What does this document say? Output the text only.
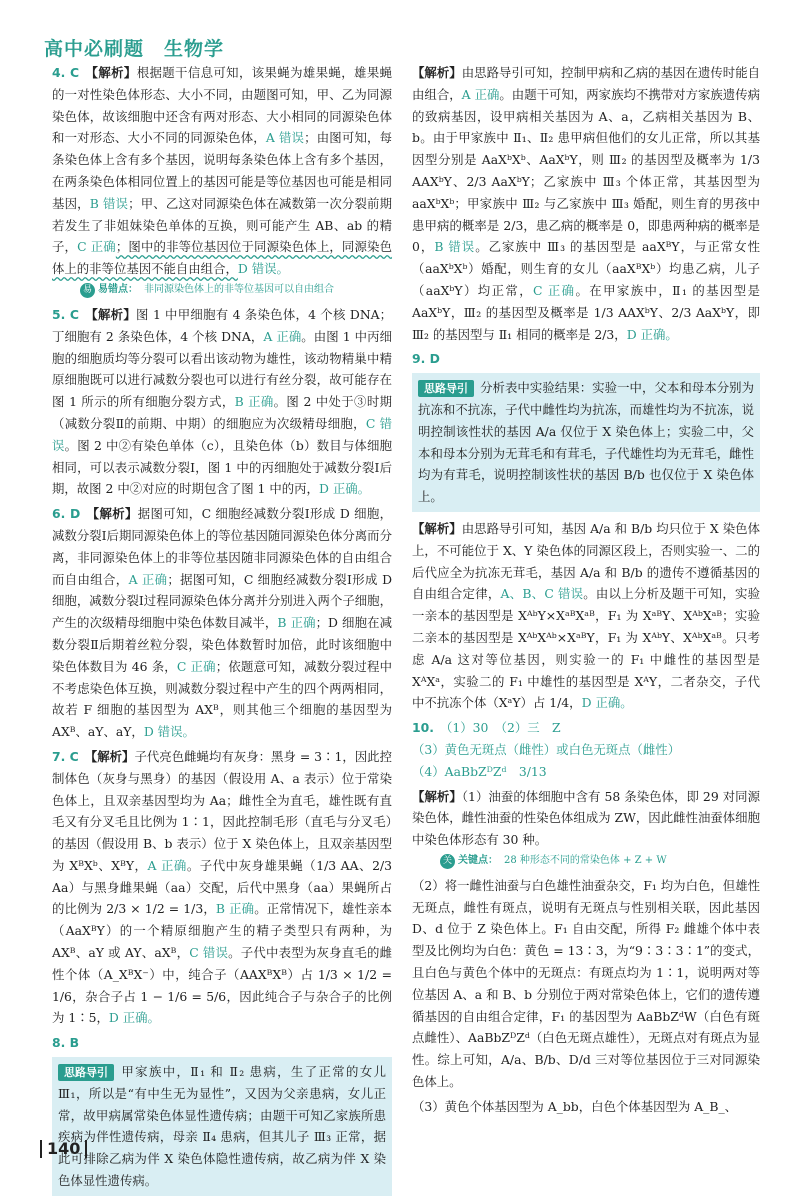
高中必刷题　生物学

4. C 【解析】根据题干信息可知，该果蝇为雄果蝇，雄果蝇的一对性染色体形态、大小不同，由题图可知，甲、乙为同源染色体，故该细胞中还含有两对形态、大小相同的同源染色体和一对形态、大小不同的同源染色体，A 错误；由图可知，每条染色体上含有多个基因，说明每条染色体上含有多个基因，在两条染色体相同位置上的基因可能是等位基因也可能是相同基因，B 错误；甲、乙这对同源染色体在减数第一次分裂前期若发生了非姐妹染色单体的互换，则可能产生 AB、ab 的精子，C 正确；图中的非等位基因位于同源染色体上，同源染色体上的非等位基因不能自由组合，D 错误。

易 易错点： 非同源染色体上的非等位基因可以自由组合

5. C 【解析】图 1 中甲细胞有 4 条染色体，4 个核 DNA；丁细胞有 2 条染色体，4 个核 DNA，A 正确。由图 1 中丙细胞的细胞质均等分裂可以看出该动物为雄性，该动物精巢中精原细胞既可以进行减数分裂也可以进行有丝分裂，故可能存在图 1 所示的所有细胞分裂方式，B 正确。图 2 中处于③时期（减数分裂Ⅱ的前期、中期）的细胞应为次级精母细胞，C 错误。图 2 中②有染色单体（c），且染色体（b）数目与体细胞相同，可以表示减数分裂Ⅰ，图 1 中的丙细胞处于减数分裂Ⅰ后期，故图 2 中②对应的时期包含了图 1 中的丙，D 正确。

6. D 【解析】据图可知，C 细胞经减数分裂Ⅰ形成 D 细胞，减数分裂Ⅰ后期同源染色体上的等位基因随同源染色体分离而分离，非同源染色体上的非等位基因随非同源染色体的自由组合而自由组合，A 正确；据图可知，C 细胞经减数分裂Ⅰ形成 D 细胞，减数分裂Ⅰ过程同源染色体分离并分别进入两个子细胞，产生的次级精母细胞中染色体数目减半，B 正确；D 细胞在减数分裂Ⅱ后期着丝粒分裂，染色体数暂时加倍，此时该细胞中染色体数目为 46 条，C 正确；依题意可知，减数分裂过程中不考虑染色体互换，则减数分裂过程中产生的四个两两相同，故若 F 细胞的基因型为 AXᴮ，则其他三个细胞的基因型为 AXᴮ、aY、aY，D 错误。

7. C 【解析】子代亮色雌蝇均有灰身：黑身 = 3∶1，因此控制体色（灰身与黑身）的基因（假设用 A、a 表示）位于常染色体上，且双亲基因型均为 Aa；雌性全为直毛，雄性既有直毛又有分叉毛且比例为 1∶1，因此控制毛形（直毛与分叉毛）的基因（假设用 B、b 表示）位于 X 染色体上，且双亲基因型为 XᴮXᵇ、XᴮY，A 正确。子代中灰身雄果蝇（1/3 AA、2/3 Aa）与黑身雌果蝇（aa）交配，后代中黑身（aa）果蝇所占的比例为 2/3 × 1/2 = 1/3，B 正确。正常情况下，雄性亲本（AaXᴮY）的一个精原细胞产生的精子类型只有两种，为 AXᴮ、aY 或 AY、aXᴮ，C 错误。子代中表型为灰身直毛的雌性个体（A_XᴮX⁻）中，纯合子（AAXᴮXᴮ）占 1/3 × 1/2 = 1/6，杂合子占 1 − 1/6 = 5/6，因此纯合子与杂合子的比例为 1∶5，D 正确。

8. B

思路导引 甲家族中，Ⅱ₁ 和 Ⅱ₂ 患病，生了正常的女儿 Ⅲ₁，所以是“有中生无为显性”，又因为父亲患病，女儿正常，故甲病属常染色体显性遗传病；由题干可知乙家族所患疾病为伴性遗传病，母亲 Ⅱ₄ 患病，但其儿子 Ⅲ₃ 正常，据此可排除乙病为伴 X 染色体隐性遗传病，故乙病为伴 X 染色体显性遗传病。

【解析】由思路导引可知，控制甲病和乙病的基因在遗传时能自由组合，A 正确。由题干可知，两家族均不携带对方家族遗传病的致病基因，设甲病相关基因为 A、a，乙病相关基因为 B、b。由于甲家族中 Ⅱ₁、Ⅱ₂ 患甲病但他们的女儿正常，所以其基因型分别是 AaXᵇXᵇ、AaXᵇY，则 Ⅲ₂ 的基因型及概率为 1/3 AAXᵇY、2/3 AaXᵇY；乙家族中 Ⅲ₃ 个体正常，其基因型为 aaXᵇXᵇ；甲家族中 Ⅲ₂ 与乙家族中 Ⅲ₃ 婚配，则生育的男孩中患甲病的概率是 2/3，患乙病的概率是 0，即患两种病的概率是 0，B 错误。乙家族中 Ⅲ₃ 的基因型是 aaXᴮY，与正常女性（aaXᵇXᵇ）婚配，则生育的女儿（aaXᴮXᵇ）均患乙病，儿子（aaXᵇY）均正常，C 正确。在甲家族中，Ⅱ₁ 的基因型是 AaXᵇY，Ⅲ₂ 的基因型及概率是 1/3 AAXᵇY、2/3 AaXᵇY，即 Ⅲ₂ 的基因型与 Ⅱ₁ 相同的概率是 2/3，D 正确。

9. D

思路导引 分析表中实验结果：实验一中，父本和母本分别为抗冻和不抗冻，子代中雌性均为抗冻，而雄性均为不抗冻，说明控制该性状的基因 A/a 仅位于 X 染色体上；实验二中，父本和母本分别为无茸毛和有茸毛，子代雄性均为无茸毛，雌性均为有茸毛，说明控制该性状的基因 B/b 也仅位于 X 染色体上。

【解析】由思路导引可知，基因 A/a 和 B/b 均只位于 X 染色体上，不可能位于 X、Y 染色体的同源区段上，否则实验一、二的后代应全为抗冻无茸毛，基因 A/a 和 B/b 的遗传不遵循基因的自由组合定律，A、B、C 错误。由以上分析及题干可知，实验一亲本的基因型是 XᴬᵇY×XᵃᴮXᵃᴮ，F₁ 为 XᵃᴮY、XᴬᵇXᵃᴮ；实验二亲本的基因型是 XᴬᵇXᴬᵇ×XᵃᴮY，F₁ 为 XᴬᵇY、XᴬᵇXᵃᴮ。只考虑 A/a 这对等位基因，则实验一的 F₁ 中雌性的基因型是 XᴬXᵃ，实验二的 F₁ 中雄性的基因型是 XᴬY，二者杂交，子代中不抗冻个体（XᵃY）占 1/4，D 正确。

10. （1）30　（2）三　Z
（3）黄色无斑点（雌性）或白色无斑点（雌性）
（4）AaBbZᴰZᵈ　3/13

【解析】（1）油蚕的体细胞中含有 58 条染色体，即 29 对同源染色体，雌性油蚕的性染色体组成为 ZW，因此雌性油蚕体细胞中染色体形态有 30 种。

关 关键点： 28 种形态不同的常染色体 + Z + W

（2）将一雌性油蚕与白色雄性油蚕杂交，F₁ 均为白色，但雄性无斑点，雌性有斑点，说明有无斑点与性别相关联，因此基因 D、d 位于 Z 染色体上。F₁ 自由交配，所得 F₂ 雌雄个体中表型及比例均为白色：黄色 = 13∶3，为“9∶3∶3∶1”的变式，且白色与黄色个体中的无斑点：有斑点均为 1∶1，说明两对等位基因 A、a 和 B、b 分别位于两对常染色体上，它们的遗传遵循基因的自由组合定律，F₁ 的基因型为 AaBbZᵈW（白色有斑点雌性）、AaBbZᴰZᵈ（白色无斑点雄性），无斑点对有斑点为显性。综上可知，A/a、B/b、D/d 三对等位基因位于三对同源染色体上。

（3）黄色个体基因型为 A_bb，白色个体基因型为 A_B_、

140
